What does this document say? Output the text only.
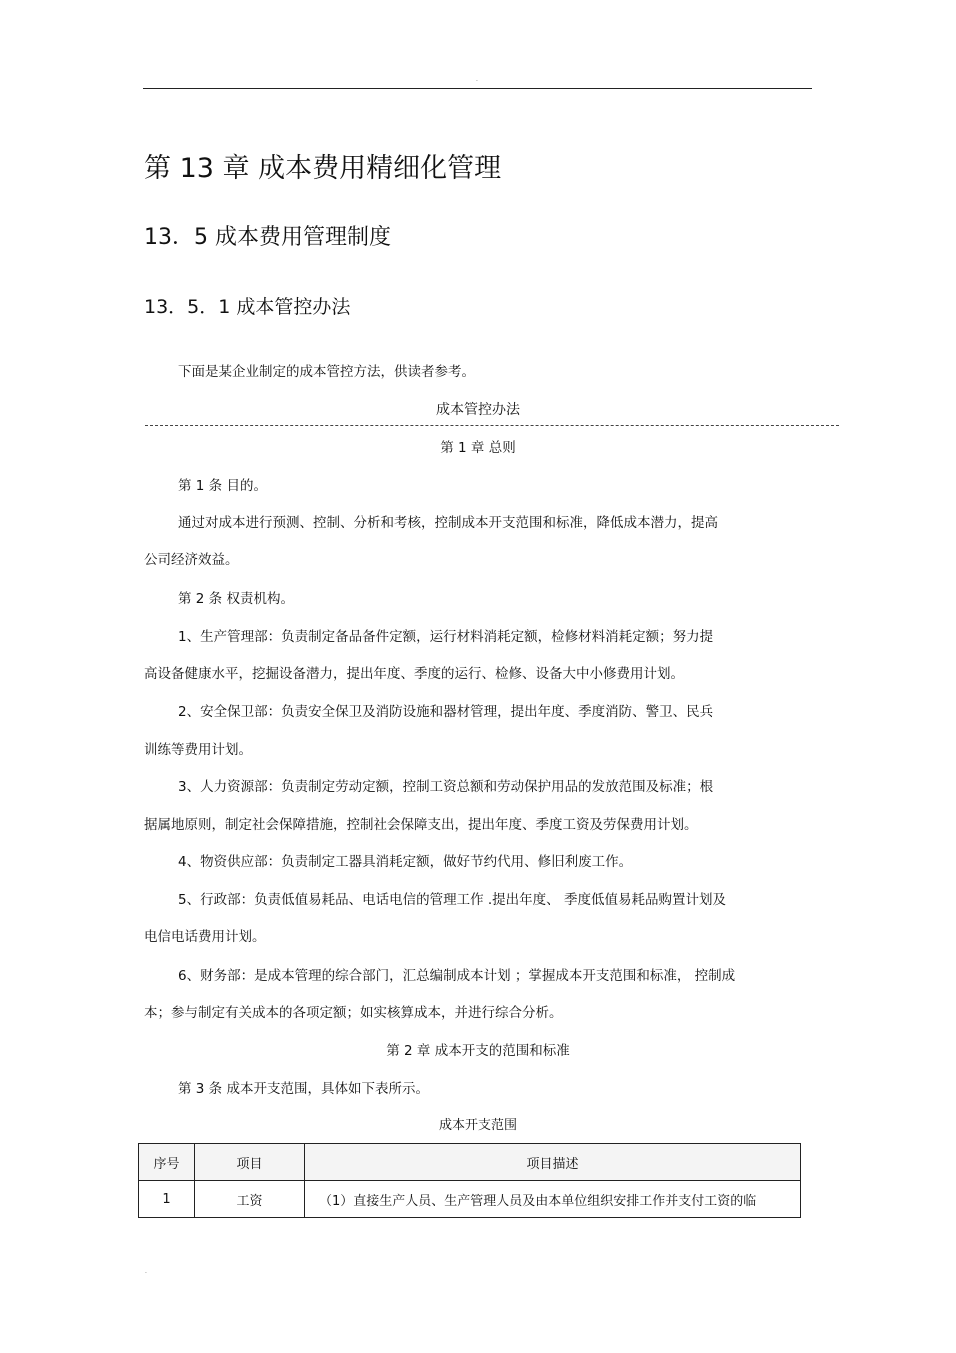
.
第 13 章 成本费用精细化管理
13．5 成本费用管理制度
13．5．1 成本管控办法
下面是某企业制定的成本管控方法，供读者参考。
成本管控办法
第 1 章 总则
第 1 条 目的。
通过对成本进行预测、控制、分析和考核，控制成本开支范围和标准，降低成本潜力，提高
公司经济效益。
第 2 条 权责机构。
1、生产管理部：负责制定备品备件定额，运行材料消耗定额，检修材料消耗定额；努力提
高设备健康水平，挖掘设备潜力，提出年度、季度的运行、检修、设备大中小修费用计划。
2、安全保卫部：负责安全保卫及消防设施和器材管理，提出年度、季度消防、警卫、民兵
训练等费用计划。
3、人力资源部：负责制定劳动定额，控制工资总额和劳动保护用品的发放范围及标准；根
据属地原则，制定社会保障措施，控制社会保障支出，提出年度、季度工资及劳保费用计划。
4、物资供应部：负责制定工器具消耗定额，做好节约代用、修旧利废工作。
5、行政部：负责低值易耗品、电话电信的管理工作 .提出年度、 季度低值易耗品购置计划及
电信电话费用计划。
6、财务部：是成本管理的综合部门，汇总编制成本计划 ；掌握成本开支范围和标准， 控制成
本；参与制定有关成本的各项定额；如实核算成本，并进行综合分析。
第 2 章 成本开支的范围和标准
第 3 条 成本开支范围，具体如下表所示。
成本开支范围
序号	项目	项目描述
1	工资	（1）直接生产人员、生产管理人员及由本单位组织安排工作并支付工资的临
.
